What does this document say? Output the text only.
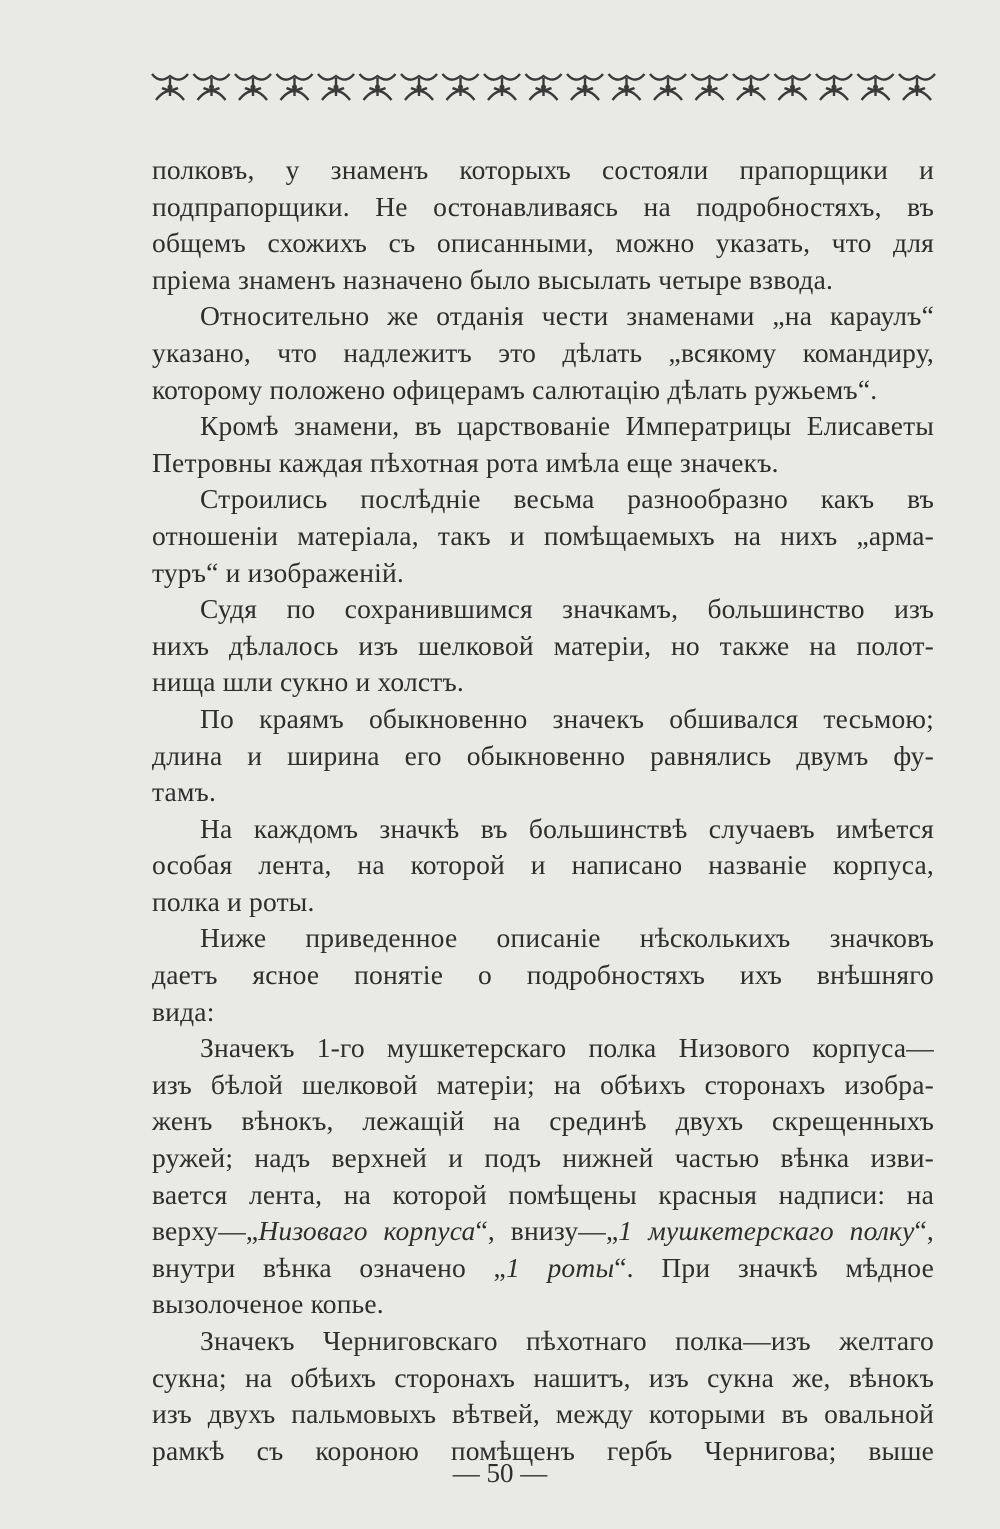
полковъ, у знаменъ которыхъ состояли прапорщики и
подпрапорщики. Не остонавливаясь на подробностяхъ, въ
общемъ схожихъ съ описанными, можно указать, что для
пріема знаменъ назначено было высылать четыре взвода.
Относительно же отданія чести знаменами „на караулъ“
указано, что надлежитъ это дѣлать „всякому командиру,
которому положено офицерамъ салютацію дѣлать ружьемъ“.
Кромѣ знамени, въ царствованіе Императрицы Елисаветы
Петровны каждая пѣхотная рота имѣла еще значекъ.
Строились послѣдніе весьма разнообразно какъ въ
отношеніи матеріала, такъ и помѣщаемыхъ на нихъ „арма-
туръ“ и изображеній.
Судя по сохранившимся значкамъ, большинство изъ
нихъ дѣлалось изъ шелковой матеріи, но также на полот-
нища шли сукно и холстъ.
По краямъ обыкновенно значекъ обшивался тесьмою;
длина и ширина его обыкновенно равнялись двумъ фу-
тамъ.
На каждомъ значкѣ въ большинствѣ случаевъ имѣется
особая лента, на которой и написано названіе корпуса,
полка и роты.
Ниже приведенное описаніе нѣсколькихъ значковъ
даетъ ясное понятіе о подробностяхъ ихъ внѣшняго
вида:
Значекъ 1-го мушкетерскаго полка Низового корпуса—
изъ бѣлой шелковой матеріи; на обѣихъ сторонахъ изобра-
женъ вѣнокъ, лежащій на срединѣ двухъ скрещенныхъ
ружей; надъ верхней и подъ нижней частью вѣнка изви-
вается лента, на которой помѣщены красныя надписи: на
верху—„Низоваго корпуса“, внизу—„1 мушкетерскаго полку“,
внутри вѣнка означено „1 роты“. При значкѣ мѣдное
вызолоченое копье.
Значекъ Черниговскаго пѣхотнаго полка—изъ желтаго
сукна; на обѣихъ сторонахъ нашитъ, изъ сукна же, вѣнокъ
изъ двухъ пальмовыхъ вѣтвей, между которыми въ овальной
рамкѣ съ короною помѣщенъ гербъ Чернигова; выше
— 50 —
